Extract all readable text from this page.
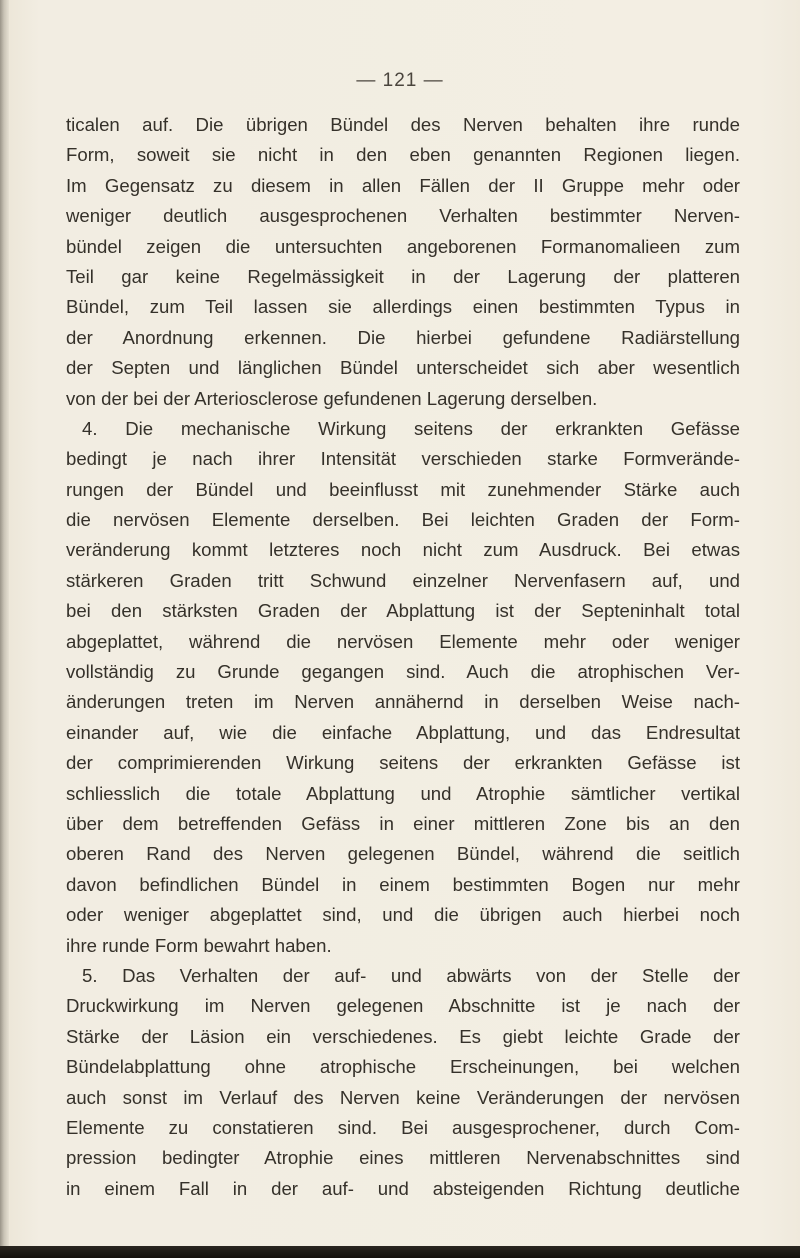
— 121 —
ticalen auf. Die übrigen Bündel des Nerven behalten ihre runde
Form, soweit sie nicht in den eben genannten Regionen liegen.
Im Gegensatz zu diesem in allen Fällen der II Gruppe mehr oder
weniger deutlich ausgesprochenen Verhalten bestimmter Nerven-
bündel zeigen die untersuchten angeborenen Formanomalieen zum
Teil gar keine Regelmässigkeit in der Lagerung der platteren
Bündel, zum Teil lassen sie allerdings einen bestimmten Typus in
der Anordnung erkennen. Die hierbei gefundene Radiärstellung
der Septen und länglichen Bündel unterscheidet sich aber wesentlich
von der bei der Arteriosclerose gefundenen Lagerung derselben.
4. Die mechanische Wirkung seitens der erkrankten Gefässe
bedingt je nach ihrer Intensität verschieden starke Formverände-
rungen der Bündel und beeinflusst mit zunehmender Stärke auch
die nervösen Elemente derselben. Bei leichten Graden der Form-
veränderung kommt letzteres noch nicht zum Ausdruck. Bei etwas
stärkeren Graden tritt Schwund einzelner Nervenfasern auf, und
bei den stärksten Graden der Abplattung ist der Septeninhalt total
abgeplattet, während die nervösen Elemente mehr oder weniger
vollständig zu Grunde gegangen sind. Auch die atrophischen Ver-
änderungen treten im Nerven annähernd in derselben Weise nach-
einander auf, wie die einfache Abplattung, und das Endresultat
der comprimierenden Wirkung seitens der erkrankten Gefässe ist
schliesslich die totale Abplattung und Atrophie sämtlicher vertikal
über dem betreffenden Gefäss in einer mittleren Zone bis an den
oberen Rand des Nerven gelegenen Bündel, während die seitlich
davon befindlichen Bündel in einem bestimmten Bogen nur mehr
oder weniger abgeplattet sind, und die übrigen auch hierbei noch
ihre runde Form bewahrt haben.
5. Das Verhalten der auf- und abwärts von der Stelle der
Druckwirkung im Nerven gelegenen Abschnitte ist je nach der
Stärke der Läsion ein verschiedenes. Es giebt leichte Grade der
Bündelabplattung ohne atrophische Erscheinungen, bei welchen
auch sonst im Verlauf des Nerven keine Veränderungen der nervösen
Elemente zu constatieren sind. Bei ausgesprochener, durch Com-
pression bedingter Atrophie eines mittleren Nervenabschnittes sind
in einem Fall in der auf- und absteigenden Richtung deutliche
